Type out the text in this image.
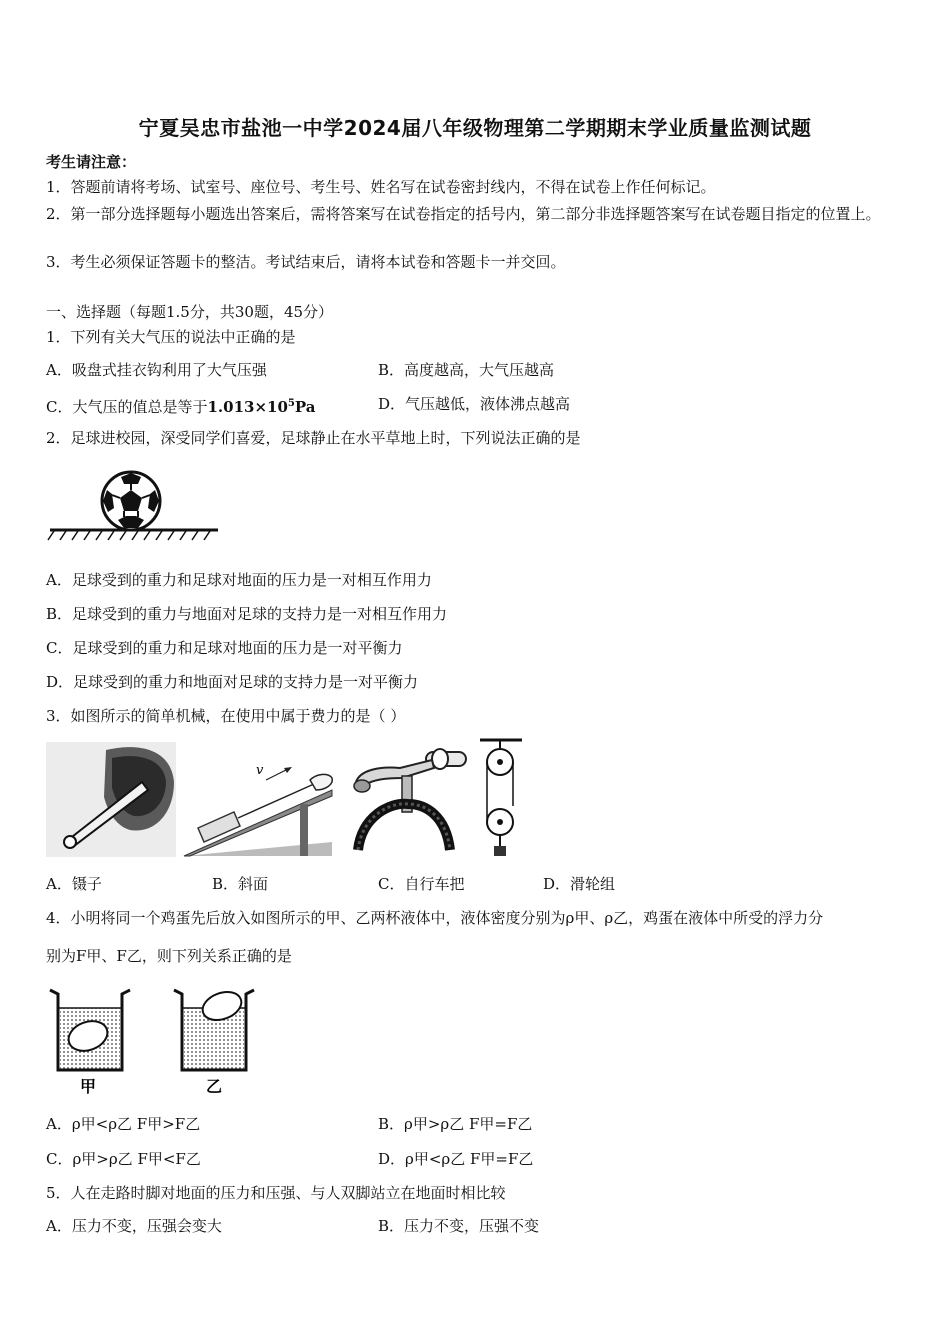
宁夏吴忠市盐池一中学2024届八年级物理第二学期期末学业质量监测试题
考生请注意：
1．答题前请将考场、试室号、座位号、考生号、姓名写在试卷密封线内，不得在试卷上作任何标记。
2．第一部分选择题每小题选出答案后，需将答案写在试卷指定的括号内，第二部分非选择题答案写在试卷题目指定的位置上。
3．考生必须保证答题卡的整洁。考试结束后，请将本试卷和答题卡一并交回。
一、选择题（每题1.5分，共30题，45分）
1．下列有关大气压的说法中正确的是
A．吸盘式挂衣钩利用了大气压强	B．高度越高，大气压越高
C．大气压的值总是等于$1.013\times 10^5Pa$	D．气压越低，液体沸点越高
2．足球进校园，深受同学们喜爱，足球静止在水平草地上时，下列说法正确的是
A．足球受到的重力和足球对地面的压力是一对相互作用力
B．足球受到的重力与地面对足球的支持力是一对相互作用力
C．足球受到的重力和足球对地面的压力是一对平衡力
D．足球受到的重力和地面对足球的支持力是一对平衡力
3．如图所示的简单机械，在使用中属于费力的是（ ）
v
A．镊子	B．斜面	C．自行车把	D．滑轮组
4．小明将同一个鸡蛋先后放入如图所示的甲、乙两杯液体中，液体密度分别为ρ甲、ρ乙，鸡蛋在液体中所受的浮力分
别为F甲、F乙，则下列关系正确的是
甲	乙
A．ρ甲<ρ乙 F甲>F乙	B．ρ甲>ρ乙 F甲=F乙
C．ρ甲>ρ乙 F甲<F乙	D．ρ甲<ρ乙 F甲=F乙
5．人在走路时脚对地面的压力和压强、与人双脚站立在地面时相比较
A．压力不变，压强会变大	B．压力不变，压强不变
